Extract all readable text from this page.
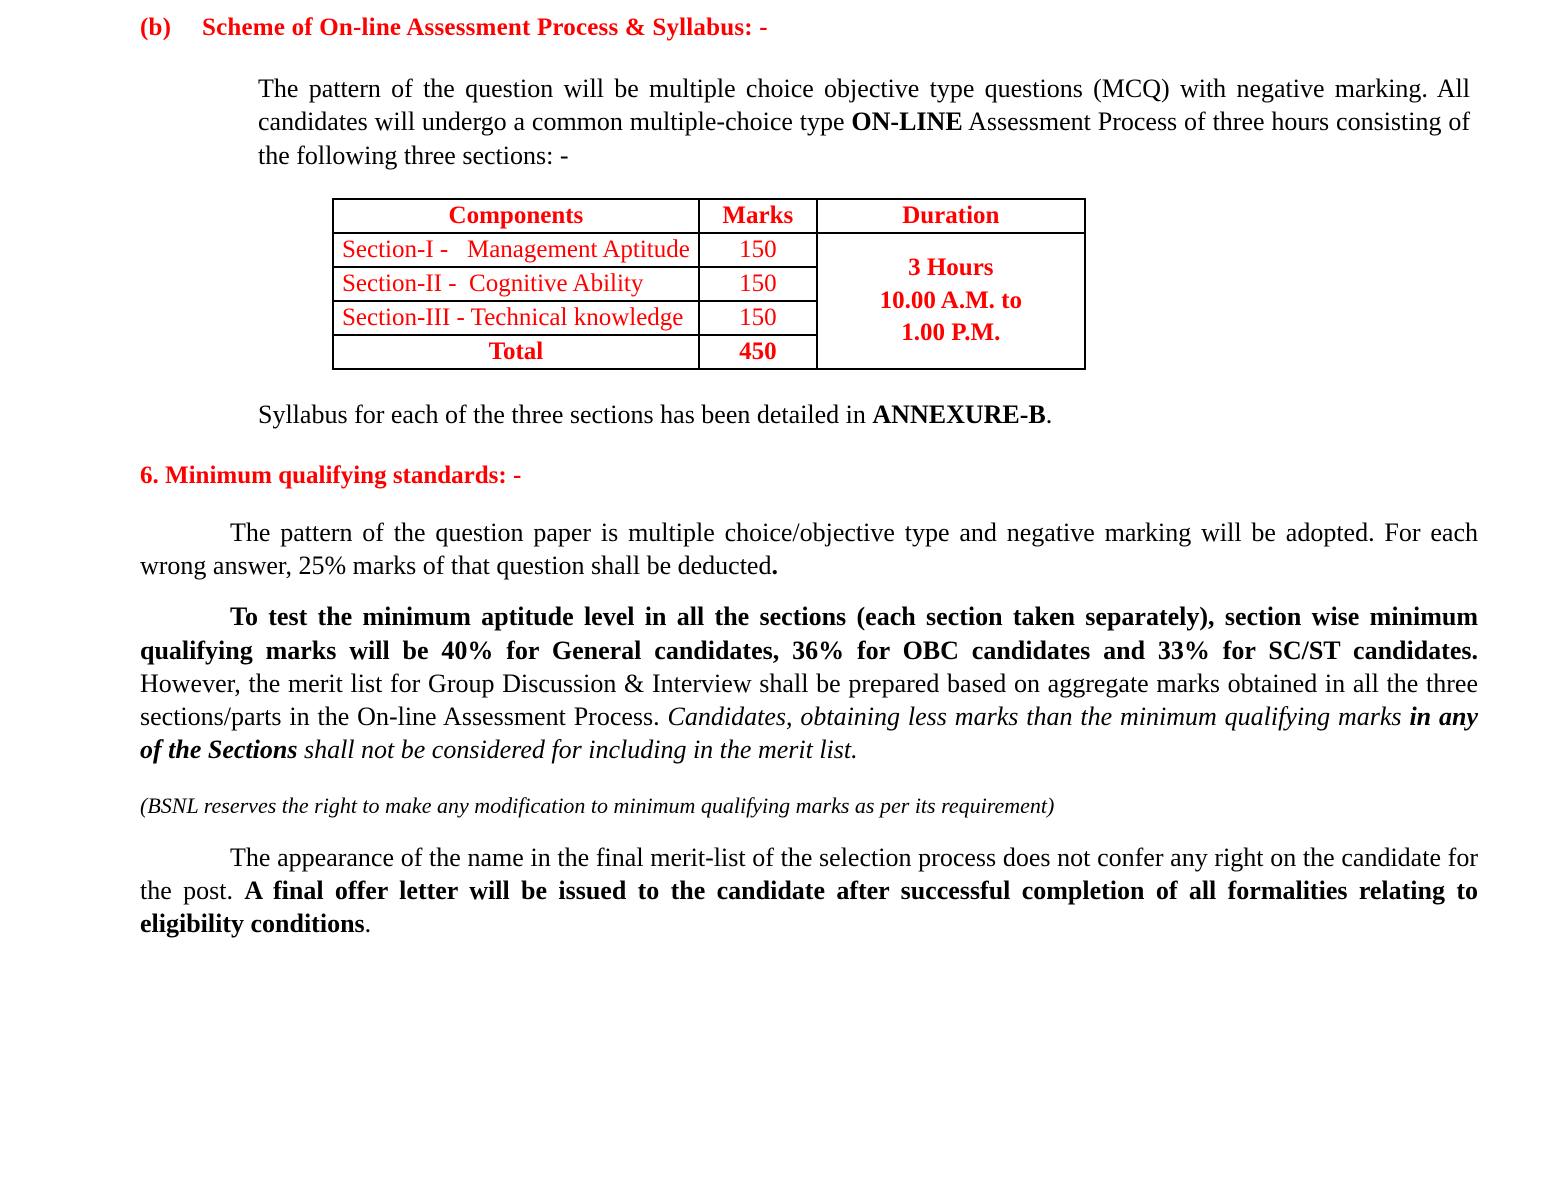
(b) Scheme of On-line Assessment Process & Syllabus: -

The pattern of the question will be multiple choice objective type questions (MCQ) with negative marking. All candidates will undergo a common multiple-choice type ON-LINE Assessment Process of three hours consisting of the following three sections: -

Components	Marks	Duration
Section-I -   Management Aptitude	150	3 Hours
10.00 A.M. to
1.00 P.M.

Section-II -  Cognitive Ability	150	
Section-III - Technical knowledge	150	
Total	450	

Syllabus for each of the three sections has been detailed in ANNEXURE-B.

6. Minimum qualifying standards: -

The pattern of the question paper is multiple choice/objective type and negative marking will be adopted. For each wrong answer, 25% marks of that question shall be deducted.

To test the minimum aptitude level in all the sections (each section taken separately), section wise minimum qualifying marks will be 40% for General candidates, 36% for OBC candidates and 33% for SC/ST candidates. However, the merit list for Group Discussion & Interview shall be prepared based on aggregate marks obtained in all the three sections/parts in the On-line Assessment Process. Candidates, obtaining less marks than the minimum qualifying marks in any of the Sections shall not be considered for including in the merit list.

(BSNL reserves the right to make any modification to minimum qualifying marks as per its requirement)

The appearance of the name in the final merit-list of the selection process does not confer any right on the candidate for the post. A final offer letter will be issued to the candidate after successful completion of all formalities relating to eligibility conditions.
